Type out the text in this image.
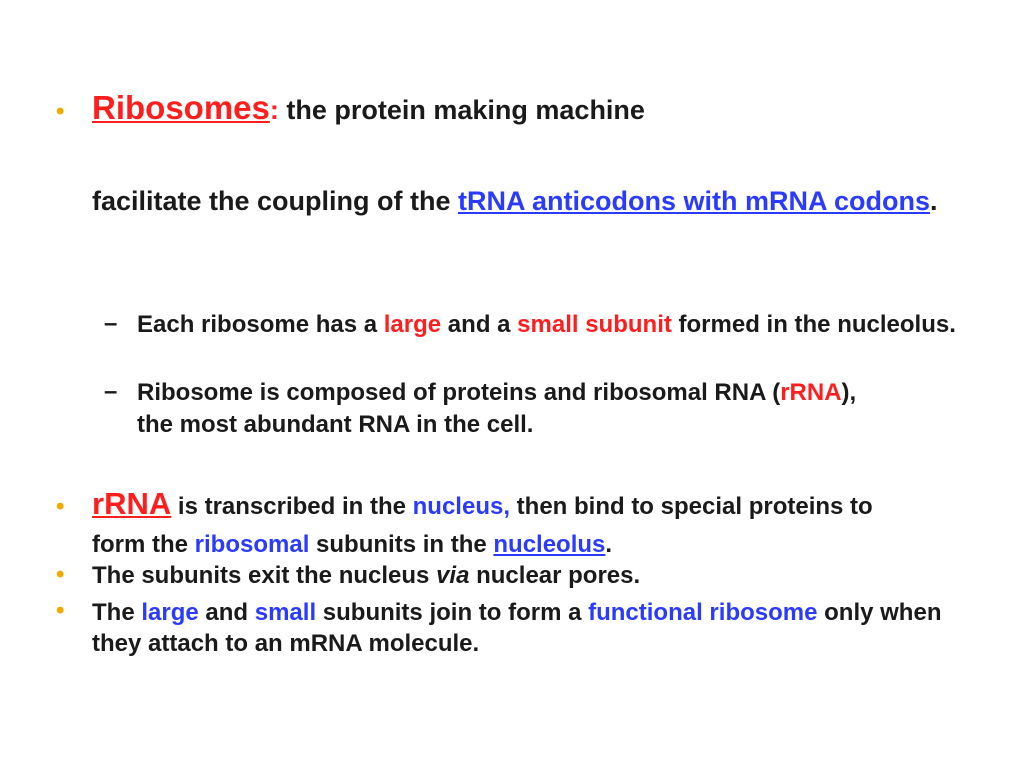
• Ribosomes: the protein making machine

facilitate the coupling of the tRNA anticodons with mRNA codons.

– Each ribosome has a large and a small subunit formed in the nucleolus.

– Ribosome is composed of proteins and ribosomal RNA (rRNA), the most abundant RNA in the cell.

• rRNA is transcribed in the nucleus, then bind to special proteins to form the ribosomal subunits in the nucleolus.

• The subunits exit the nucleus via nuclear pores.

• The large and small subunits join to form a functional ribosome only when they attach to an mRNA molecule.
